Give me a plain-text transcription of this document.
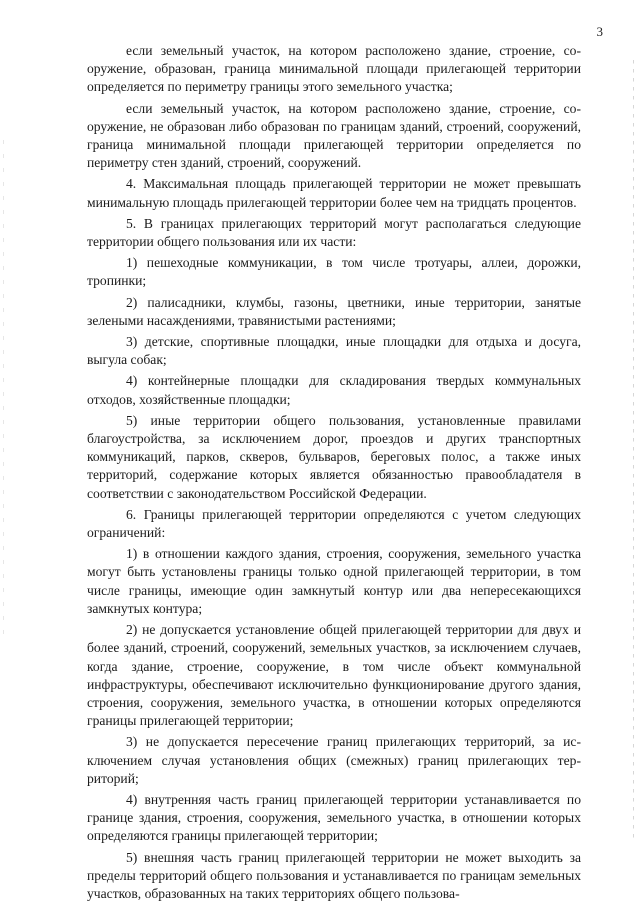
3

если земельный участок, на котором расположено здание, строение, сооружение, образован, граница минимальной площади прилегающей территории определяется по периметру границы этого земельного участка;

если земельный участок, на котором расположено здание, строение, сооружение, не образован либо образован по границам зданий, строений, сооружений, граница минимальной площади прилегающей территории определяется по периметру стен зданий, строений, сооружений.

4. Максимальная площадь прилегающей территории не может превышать минимальную площадь прилегающей территории более чем на тридцать процентов.

5. В границах прилегающих территорий могут располагаться следующие территории общего пользования или их части:

1) пешеходные коммуникации, в том числе тротуары, аллеи, дорожки, тропинки;

2) палисадники, клумбы, газоны, цветники, иные территории, занятые зелеными насаждениями, травянистыми растениями;

3) детские, спортивные площадки, иные площадки для отдыха и досуга, выгула собак;

4) контейнерные площадки для складирования твердых коммунальных отходов, хозяйственные площадки;

5) иные территории общего пользования, установленные правилами благоустройства, за исключением дорог, проездов и других транспортных коммуникаций, парков, скверов, бульваров, береговых полос, а также иных территорий, содержание которых является обязанностью правообладателя в соответствии с законодательством Российской Федерации.

6. Границы прилегающей территории определяются с учетом следующих ограничений:

1) в отношении каждого здания, строения, сооружения, земельного участка могут быть установлены границы только одной прилегающей территории, в том числе границы, имеющие один замкнутый контур или два непересекающихся замкнутых контура;

2) не допускается установление общей прилегающей территории для двух и более зданий, строений, сооружений, земельных участков, за исключением случаев, когда здание, строение, сооружение, в том числе объект коммунальной инфраструктуры, обеспечивают исключительно функционирование другого здания, строения, сооружения, земельного участка, в отношении которых определяются границы прилегающей территории;

3) не допускается пересечение границ прилегающих территорий, за исключением случая установления общих (смежных) границ прилегающих территорий;

4) внутренняя часть границ прилегающей территории устанавливается по границе здания, строения, сооружения, земельного участка, в отношении которых определяются границы прилегающей территории;

5) внешняя часть границ прилегающей территории не может выходить за пределы территорий общего пользования и устанавливается по границам земельных участков, образованных на таких территориях общего пользова-
